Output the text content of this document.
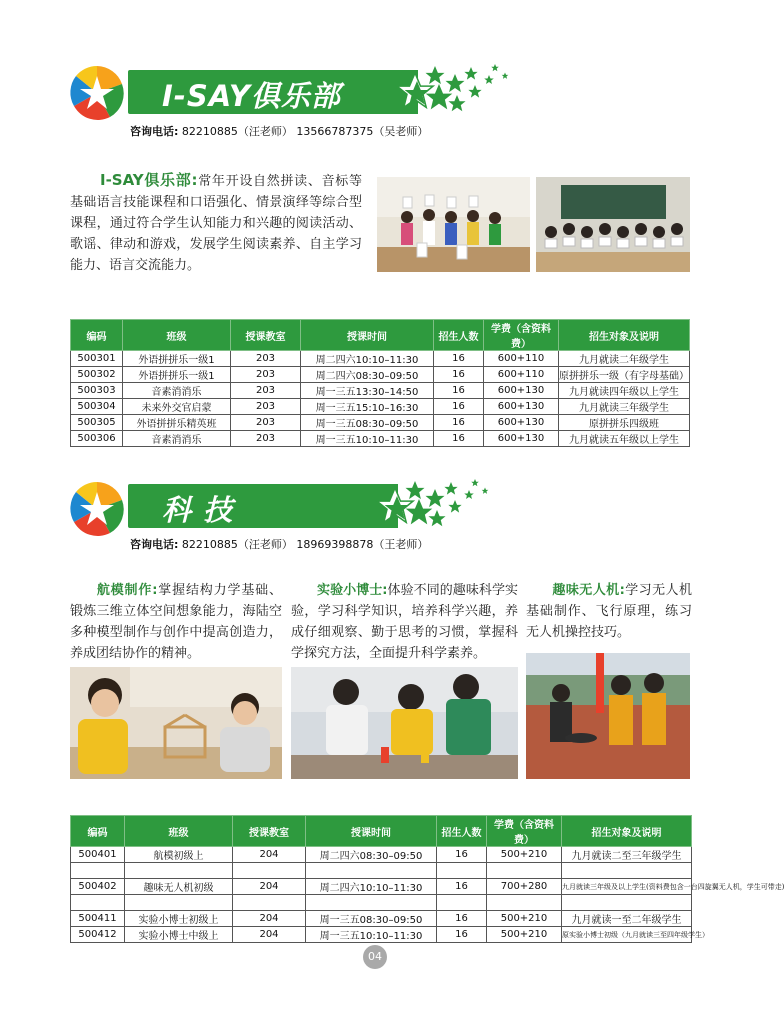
I-SAY俱乐部
咨询电话: 82210885（汪老师） 13566787375（吴老师）
I-SAY俱乐部:常年开设自然拼读、音标等基础语言技能课程和口语强化、情景演绎等综合型课程，通过符合学生认知能力和兴趣的阅读活动、歌谣、律动和游戏，发展学生阅读素养、自主学习能力、语言交流能力。
编码	班级	授课教室	授课时间	招生人数	学费（含资料费）	招生对象及说明
500301	外语拼拼乐一级1	203	周二四六10:10–11:30	16	600+110	九月就读二年级学生
500302	外语拼拼乐一级1	203	周二四六08:30–09:50	16	600+110	原拼拼乐一级（有字母基础）
500303	音素消消乐	203	周一三五13:30–14:50	16	600+130	九月就读四年级以上学生
500304	未来外交官启蒙	203	周一三五15:10–16:30	16	600+130	九月就读三年级学生
500305	外语拼拼乐精英班	203	周一三五08:30–09:50	16	600+130	原拼拼乐四级班
500306	音素消消乐	203	周一三五10:10–11:30	16	600+130	九月就读五年级以上学生
科 技
咨询电话: 82210885（汪老师） 18969398878（王老师）
航模制作:掌握结构力学基础、锻炼三维立体空间想象能力，海陆空多种模型制作与创作中提高创造力，养成团结协作的精神。
实验小博士:体验不同的趣味科学实验，学习科学知识，培养科学兴趣，养成仔细观察、勤于思考的习惯，掌握科学探究方法，全面提升科学素养。
趣味无人机:学习无人机基础制作、飞行原理，练习无人机操控技巧。
编码	班级	授课教室	授课时间	招生人数	学费（含资料费）	招生对象及说明
500401	航模初级上	204	周二四六08:30–09:50	16	500+210	九月就读二至三年级学生

500402	趣味无人机初级	204	周二四六10:10–11:30	16	700+280	九月就读三年级及以上学生(资料费包含一台四旋翼无人机，学生可带走)

500411	实验小博士初级上	204	周一三五08:30–09:50	16	500+210	九月就读一至二年级学生
500412	实验小博士中级上	204	周一三五10:10–11:30	16	500+210	原实验小博士初级（九月就读三至四年级学生）
04
